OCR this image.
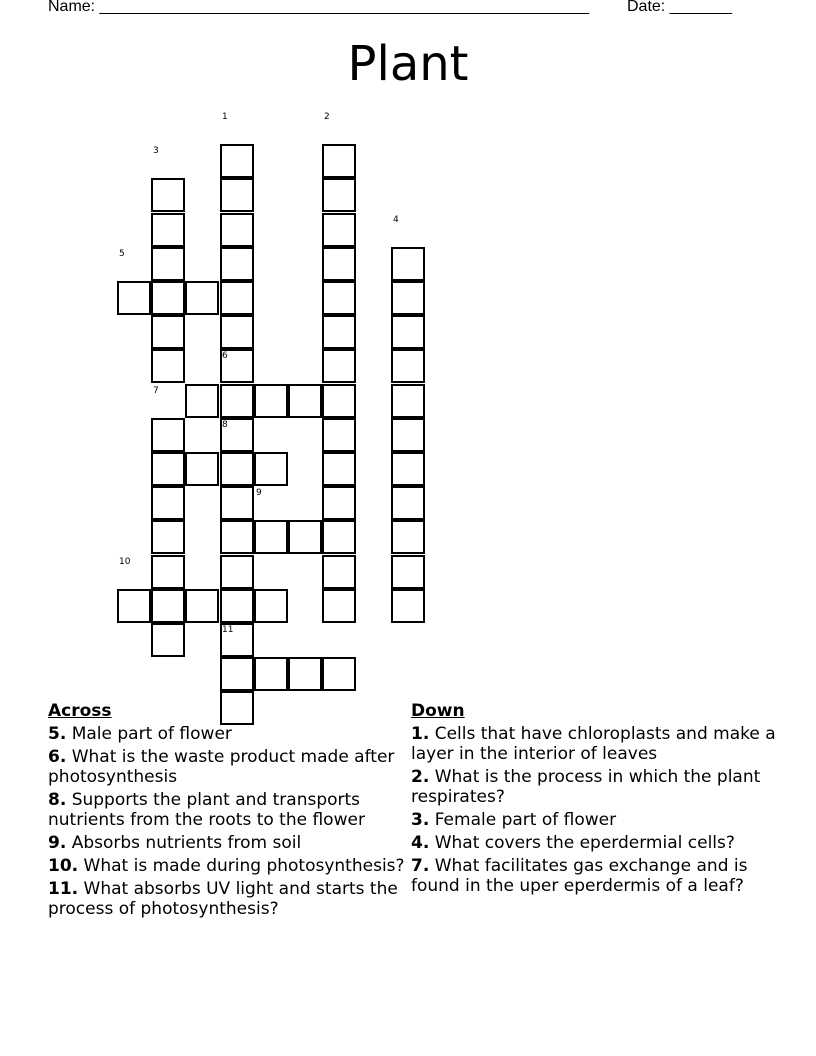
Name: _______________________________________________________ Date: _______
Plant
1	2
3
4
5
6
7
8
9
10
11
Across
5. Male part of flower
6. What is the waste product made after photosynthesis
8. Supports the plant and transports nutrients from the roots to the flower
9. Absorbs nutrients from soil
10. What is made during photosynthesis?
11. What absorbs UV light and starts the process of photosynthesis?
Down
1. Cells that have chloroplasts and make a layer in the interior of leaves
2. What is the process in which the plant respirates?
3. Female part of flower
4. What covers the eperdermial cells?
7. What facilitates gas exchange and is found in the uper eperdermis of a leaf?
